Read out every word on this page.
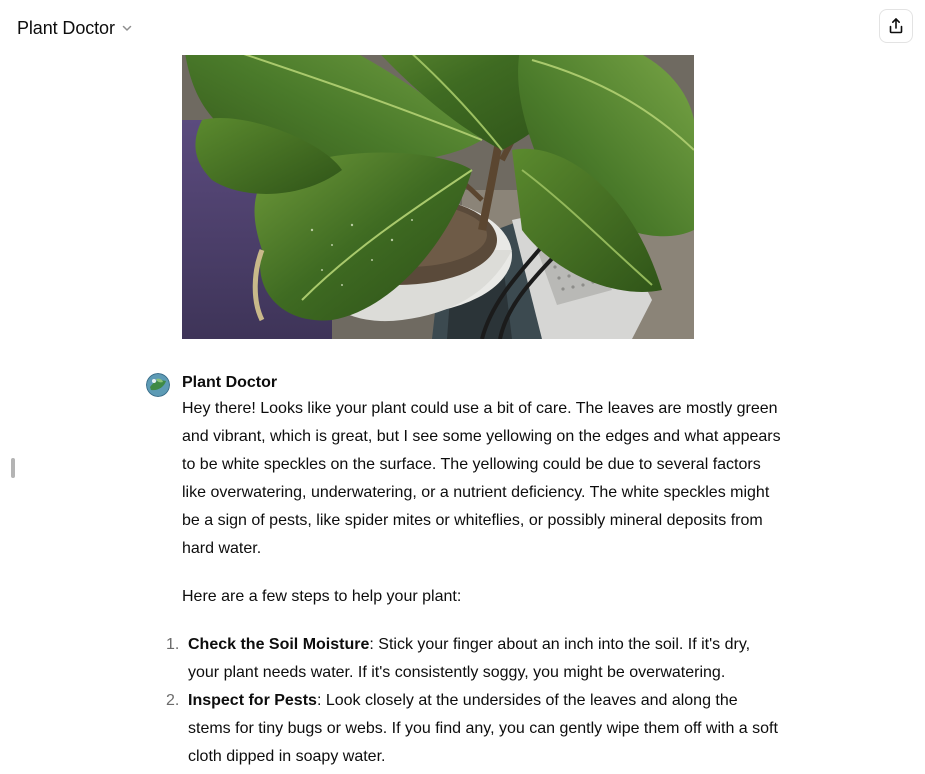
Plant Doctor
Plant Doctor

Hey there! Looks like your plant could use a bit of care. The leaves are mostly green and vibrant, which is great, but I see some yellowing on the edges and what appears to be white speckles on the surface. The yellowing could be due to several factors like overwatering, underwatering, or a nutrient deficiency. The white speckles might be a sign of pests, like spider mites or whiteflies, or possibly mineral deposits from hard water.

Here are a few steps to help your plant:

1. Check the Soil Moisture: Stick your finger about an inch into the soil. If it's dry, your plant needs water. If it's consistently soggy, you might be overwatering.
2. Inspect for Pests: Look closely at the undersides of the leaves and along the stems for tiny bugs or webs. If you find any, you can gently wipe them off with a soft cloth dipped in soapy water.
